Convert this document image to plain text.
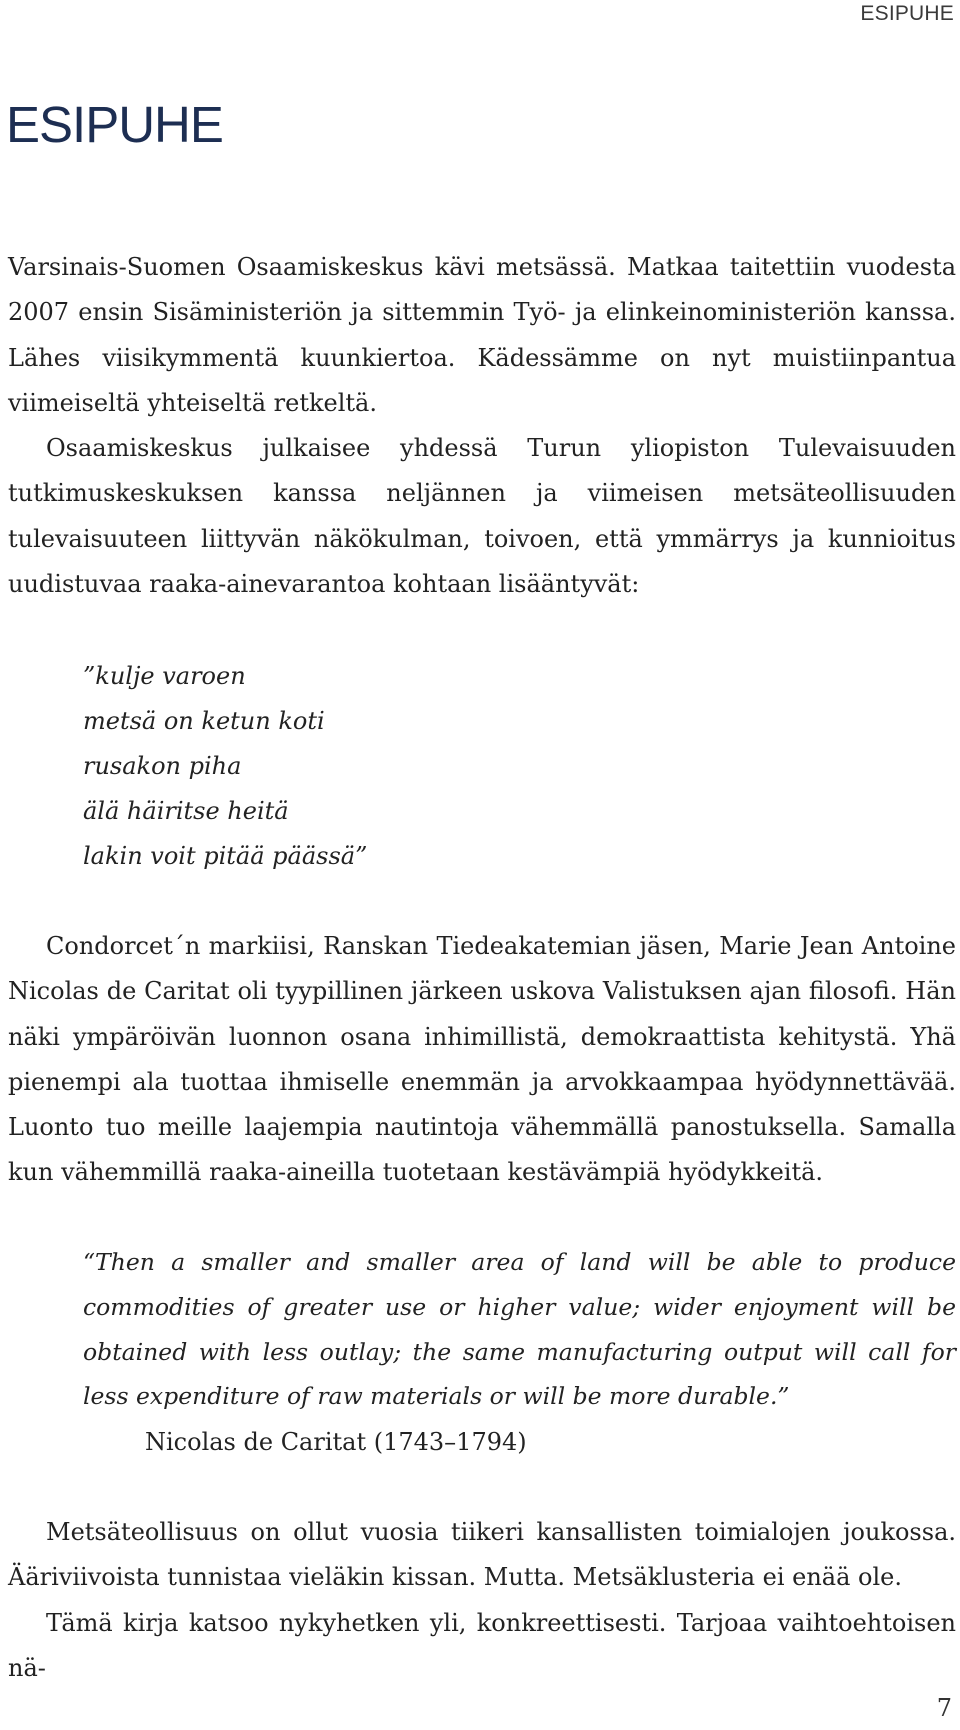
ESIPUHE
ESIPUHE

Varsinais-Suomen Osaamiskeskus kävi metsässä. Matkaa taitettiin vuodesta 2007 ensin Sisäministeriön ja sittemmin Työ- ja elinkeinoministeriön kanssa. Lähes viisikymmentä kuunkiertoa. Kädessämme on nyt muistiinpantua viimeiseltä yhteiseltä retkeltä.

Osaamiskeskus julkaisee yhdessä Turun yliopiston Tulevaisuuden tutkimuskeskuksen kanssa neljännen ja viimeisen metsäteollisuuden tulevaisuuteen liittyvän näkökulman, toivoen, että ymmärrys ja kunnioitus uudistuvaa raaka-ainevarantoa kohtaan lisääntyvät:

”kulje varoen
metsä on ketun koti
rusakon piha
älä häiritse heitä
lakin voit pitää päässä”

Condorcet´n markiisi, Ranskan Tiedeakatemian jäsen, Marie Jean Antoine Nicolas de Caritat oli tyypillinen järkeen uskova Valistuksen ajan filosofi. Hän näki ympäröivän luonnon osana inhimillistä, demokraattista kehitystä. Yhä pienempi ala tuottaa ihmiselle enemmän ja arvokkaampaa hyödynnettävää. Luonto tuo meille laajempia nautintoja vähemmällä panostuksella. Samalla kun vähemmillä raaka-aineilla tuotetaan kestävämpiä hyödykkeitä.

“Then a smaller and smaller area of land will be able to produce commodities of greater use or higher value; wider enjoyment will be obtained with less outlay; the same manufacturing output will call for less expenditure of raw materials or will be more durable.”
Nicolas de Caritat (1743–1794)

Metsäteollisuus on ollut vuosia tiikeri kansallisten toimialojen joukossa. Ääriviivoista tunnistaa vieläkin kissan. Mutta. Metsäklusteria ei enää ole.

Tämä kirja katsoo nykyhetken yli, konkreettisesti. Tarjoaa vaihtoehtoisen nä-

7
